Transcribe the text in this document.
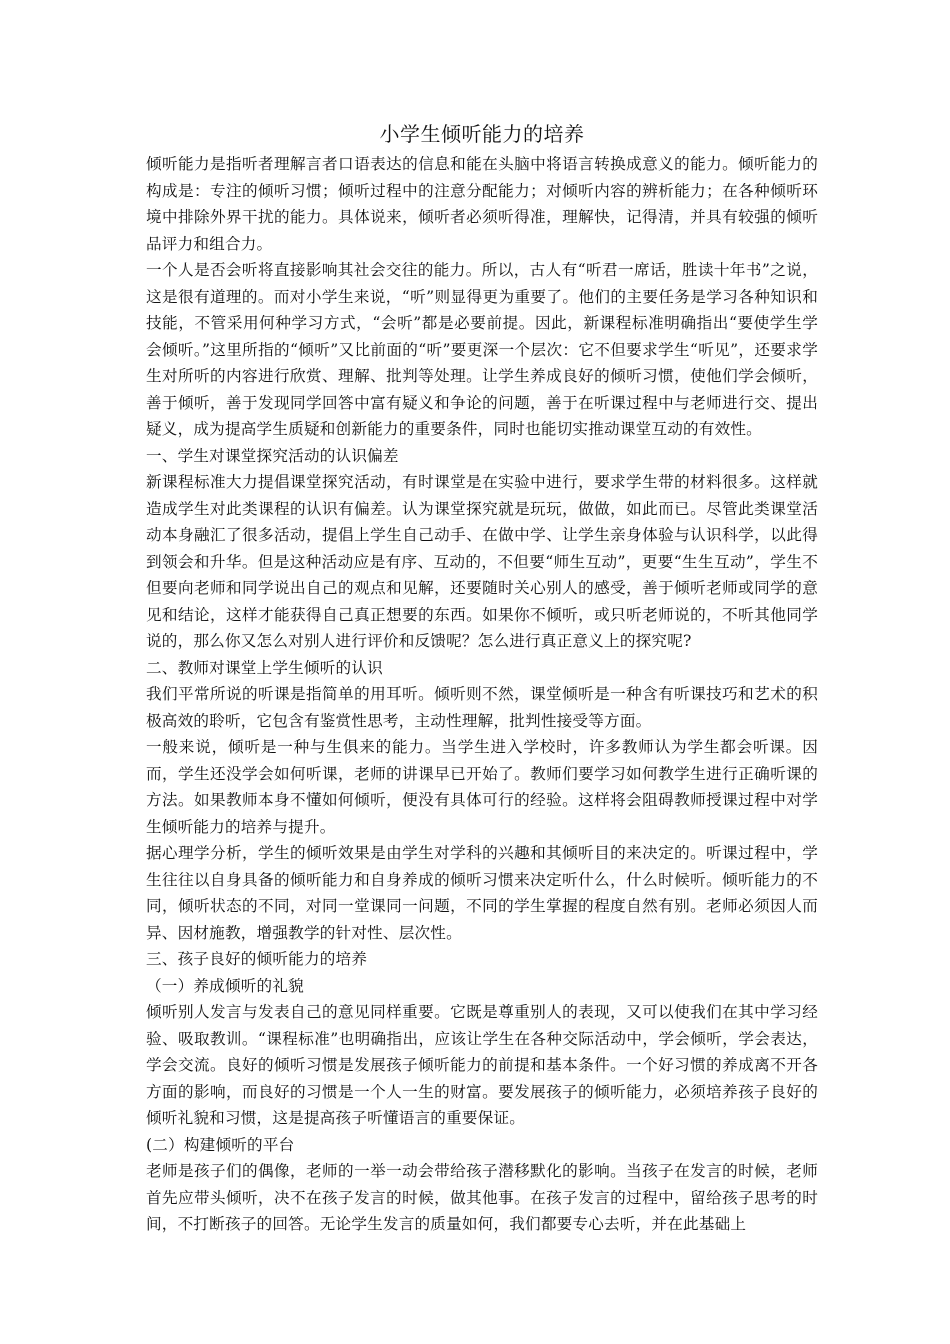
小学生倾听能力的培养

倾听能力是指听者理解言者口语表达的信息和能在头脑中将语言转换成意义的能力。倾听能力的构成是：专注的倾听习惯；倾听过程中的注意分配能力；对倾听内容的辨析能力；在各种倾听环境中排除外界干扰的能力。具体说来，倾听者必须听得准，理解快，记得清，并具有较强的倾听品评力和组合力。

一个人是否会听将直接影响其社会交往的能力。所以，古人有“听君一席话，胜读十年书”之说，这是很有道理的。而对小学生来说，“听”则显得更为重要了。他们的主要任务是学习各种知识和技能，不管采用何种学习方式，“会听”都是必要前提。因此，新课程标准明确指出“要使学生学会倾听。”这里所指的“倾听”又比前面的“听”要更深一个层次：它不但要求学生“听见”，还要求学生对所听的内容进行欣赏、理解、批判等处理。让学生养成良好的倾听习惯，使他们学会倾听，善于倾听，善于发现同学回答中富有疑义和争论的问题，善于在听课过程中与老师进行交、提出疑义，成为提高学生质疑和创新能力的重要条件，同时也能切实推动课堂互动的有效性。

一、学生对课堂探究活动的认识偏差

新课程标准大力提倡课堂探究活动，有时课堂是在实验中进行，要求学生带的材料很多。这样就造成学生对此类课程的认识有偏差。认为课堂探究就是玩玩，做做，如此而已。尽管此类课堂活动本身融汇了很多活动，提倡上学生自己动手、在做中学、让学生亲身体验与认识科学，以此得到领会和升华。但是这种活动应是有序、互动的，不但要“师生互动”，更要“生生互动”，学生不但要向老师和同学说出自己的观点和见解，还要随时关心别人的感受，善于倾听老师或同学的意见和结论，这样才能获得自己真正想要的东西。如果你不倾听，或只听老师说的，不听其他同学说的，那么你又怎么对别人进行评价和反馈呢？怎么进行真正意义上的探究呢?

二、教师对课堂上学生倾听的认识

我们平常所说的听课是指简单的用耳听。倾听则不然，课堂倾听是一种含有听课技巧和艺术的积极高效的聆听，它包含有鉴赏性思考，主动性理解，批判性接受等方面。

一般来说，倾听是一种与生俱来的能力。当学生进入学校时，许多教师认为学生都会听课。因而，学生还没学会如何听课，老师的讲课早已开始了。教师们要学习如何教学生进行正确听课的方法。如果教师本身不懂如何倾听，便没有具体可行的经验。这样将会阻碍教师授课过程中对学生倾听能力的培养与提升。

据心理学分析，学生的倾听效果是由学生对学科的兴趣和其倾听目的来决定的。听课过程中，学生往往以自身具备的倾听能力和自身养成的倾听习惯来决定听什么，什么时候听。倾听能力的不同，倾听状态的不同，对同一堂课同一问题，不同的学生掌握的程度自然有别。老师必须因人而异、因材施教，增强教学的针对性、层次性。

三、孩子良好的倾听能力的培养

（一）养成倾听的礼貌

倾听别人发言与发表自己的意见同样重要。它既是尊重别人的表现，又可以使我们在其中学习经验、吸取教训。“课程标准”也明确指出，应该让学生在各种交际活动中，学会倾听，学会表达，学会交流。良好的倾听习惯是发展孩子倾听能力的前提和基本条件。一个好习惯的养成离不开各方面的影响，而良好的习惯是一个人一生的财富。要发展孩子的倾听能力，必须培养孩子良好的倾听礼貌和习惯，这是提高孩子听懂语言的重要保证。

(二）构建倾听的平台

老师是孩子们的偶像，老师的一举一动会带给孩子潜移默化的影响。当孩子在发言的时候，老师首先应带头倾听，决不在孩子发言的时候，做其他事。在孩子发言的过程中，留给孩子思考的时间，不打断孩子的回答。无论学生发言的质量如何，我们都要专心去听，并在此基础上
